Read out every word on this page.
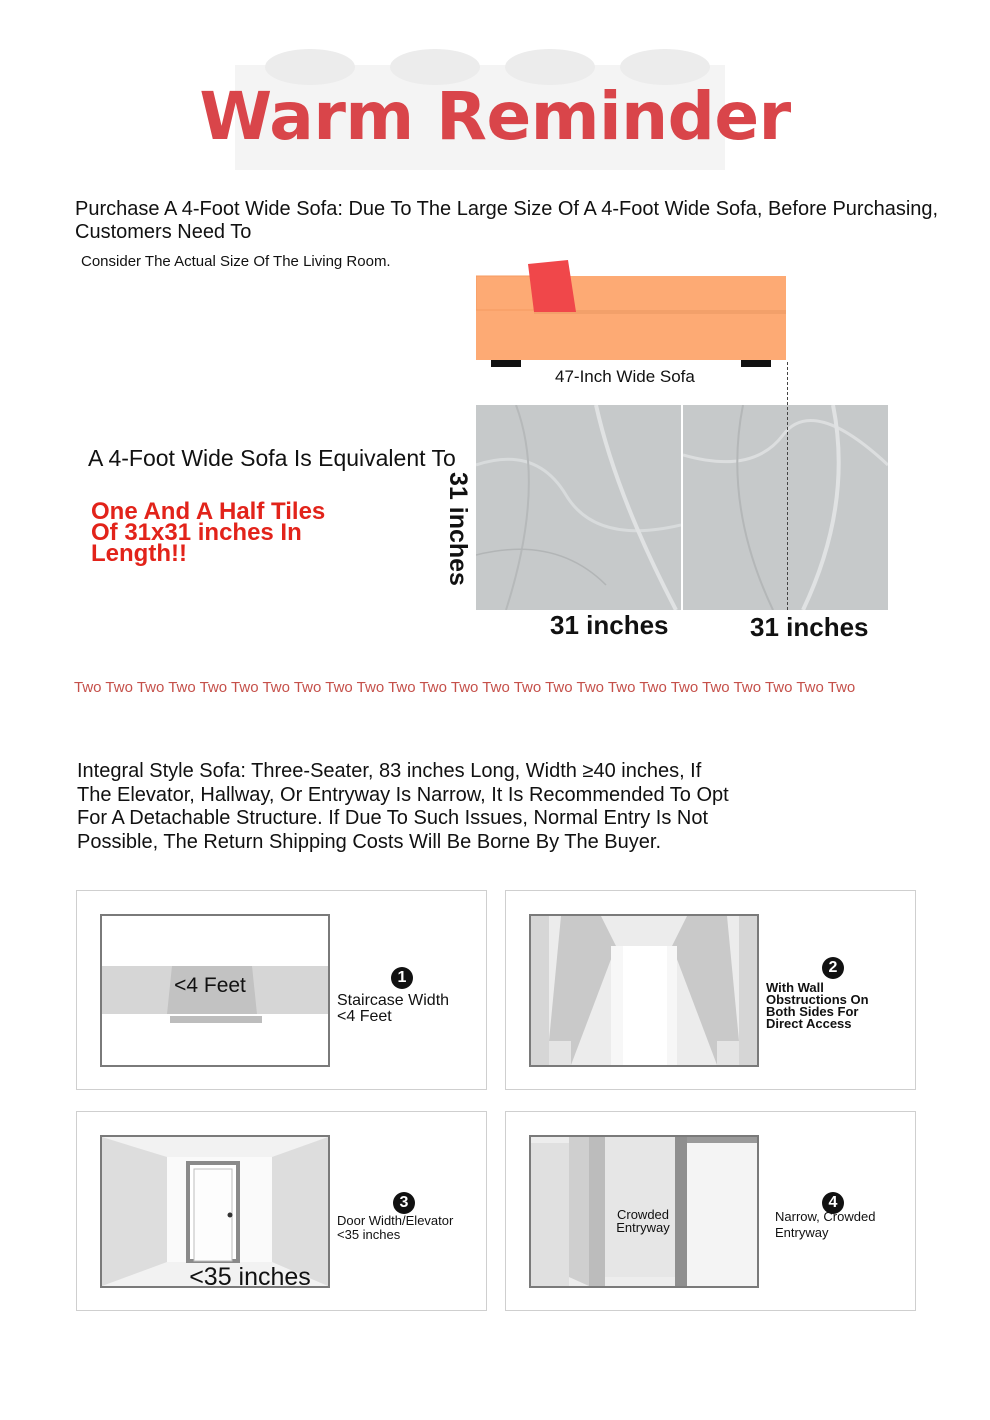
Warm Reminder
Purchase A 4-Foot Wide Sofa: Due To The Large Size Of A 4-Foot Wide Sofa, Before Purchasing,
Customers Need To
Consider The Actual Size Of The Living Room.
47-Inch Wide Sofa
31 inches
31 inches	31 inches
A 4-Foot Wide Sofa Is Equivalent To
One And A Half Tiles
Of 31x31 inches In
Length!!
Two Two Two Two Two Two Two Two Two Two Two Two Two Two Two Two Two Two Two Two Two Two Two Two Two
Integral Style Sofa: Three-Seater, 83 inches Long, Width ≥40 inches, If
The Elevator, Hallway, Or Entryway Is Narrow, It Is Recommended To Opt
For A Detachable Structure. If Due To Such Issues, Normal Entry Is Not
Possible, The Return Shipping Costs Will Be Borne By The Buyer.
<4 Feet	1
Staircase Width
<4 Feet
2
With Wall
Obstructions On
Both Sides For
Direct Access
<35 inches
3
Door Width/Elevator
<35 inches
Crowded
Entryway
4
Narrow, Crowded
Entryway
